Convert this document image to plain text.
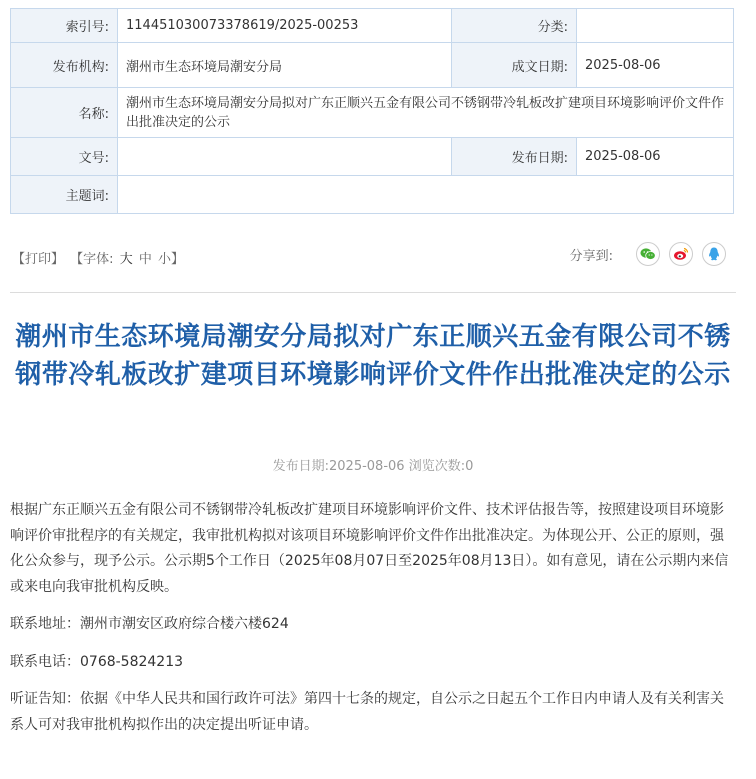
索引号:	114451030073378619/2025-00253	分类:	
发布机构:	潮州市生态环境局潮安分局	成文日期:	2025-08-06
名称:	潮州市生态环境局潮安分局拟对广东正顺兴五金有限公司不锈钢带冷轧板改扩建项目环境影响评价文件作出批准决定的公示		
文号:		发布日期:	2025-08-06
主题词:			
【打印】 【字体: 大 中 小】	分享到:
潮州市生态环境局潮安分局拟对广东正顺兴五金有限公司不锈钢带冷轧板改扩建项目环境影响评价文件作出批准决定的公示
发布日期:2025-08-06 浏览次数:0

根据广东正顺兴五金有限公司不锈钢带冷轧板改扩建项目环境影响评价文件、技术评估报告等，按照建设项目环境影响评价审批程序的有关规定，我审批机构拟对该项目环境影响评价文件作出批准决定。为体现公开、公正的原则，强化公众参与，现予公示。公示期5个工作日（2025年08月07日至2025年08月13日）。如有意见，请在公示期内来信或来电向我审批机构反映。

联系地址：潮州市潮安区政府综合楼六楼624

联系电话：0768-5824213

听证告知：依据《中华人民共和国行政许可法》第四十七条的规定，自公示之日起五个工作日内申请人及有关利害关系人可对我审批机构拟作出的决定提出听证申请。
